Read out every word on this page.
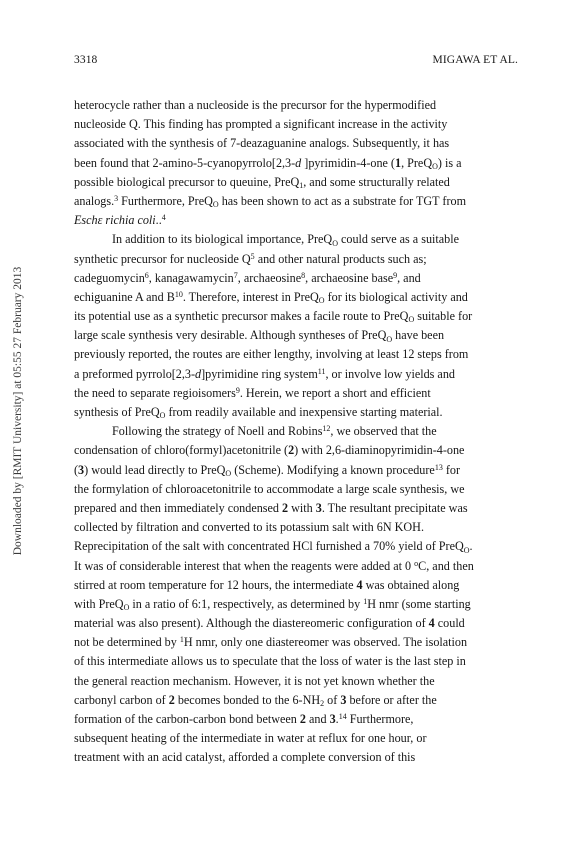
Downloaded by [RMIT University] at 05:55 27 February 2013
3318	MIGAWA ET AL.
heterocycle rather than a nucleoside is the precursor for the hypermodified
nucleoside Q. This finding has prompted a significant increase in the activity
associated with the synthesis of 7-deazaguanine analogs. Subsequently, it has
been found that 2-amino-5-cyanopyrrolo[2,3-d ]pyrimidin-4-one (1, PreQ$_O$) is a
possible biological precursor to queuine, PreQ$_1$, and some structurally related
analogs.$^3$ Furthermore, PreQ$_O$ has been shown to act as a substrate for TGT from
Eschε richia coli..$^4$
In addition to its biological importance, PreQ$_O$ could serve as a suitable
synthetic precursor for nucleoside $Q^5$ and other natural products such as;
cadeguomycin$^6$, kanagawamycin$^7$, archaeosine$^8$, archaeosine base$^9$, and
echiguanine A and $B^{10}$. Therefore, interest in PreQ$_O$ for its biological activity and
its potential use as a synthetic precursor makes a facile route to PreQ$_O$ suitable for
large scale synthesis very desirable. Although syntheses of PreQ$_O$ have been
previously reported, the routes are either lengthy, involving at least 12 steps from
a preformed pyrrolo[2,3-d]pyrimidine ring system$^{11}$, or involve low yields and
the need to separate regioisomers$^9$. Herein, we report a short and efficient
synthesis of PreQ$_O$ from readily available and inexpensive starting material.
Following the strategy of Noell and Robins$^{12}$, we observed that the
condensation of chloro(formyl)acetonitrile (2) with 2,6-diaminopyrimidin-4-one
(3) would lead directly to PreQ$_O$ (Scheme). Modifying a known procedure$^{13}$ for
the formylation of chloroacetonitrile to accommodate a large scale synthesis, we
prepared and then immediately condensed 2 with 3. The resultant precipitate was
collected by filtration and converted to its potassium salt with 6N KOH.
Reprecipitation of the salt with concentrated HCl furnished a 70% yield of PreQ$_O$.
It was of considerable interest that when the reagents were added at 0 $^o$C, and then
stirred at room temperature for 12 hours, the intermediate 4 was obtained along
with PreQ$_O$ in a ratio of 6:1, respectively, as determined by $^1$H nmr (some starting
material was also present). Although the diastereomeric configuration of 4 could
not be determined by $^1$H nmr, only one diastereomer was observed. The isolation
of this intermediate allows us to speculate that the loss of water is the last step in
the general reaction mechanism. However, it is not yet known whether the
carbonyl carbon of 2 becomes bonded to the $6-NH_2$ of 3 before or after the
formation of the carbon-carbon bond between 2 and 3.14 Furthermore,
subsequent heating of the intermediate in water at reflux for one hour, or
treatment with an acid catalyst, afforded a complete conversion of this
